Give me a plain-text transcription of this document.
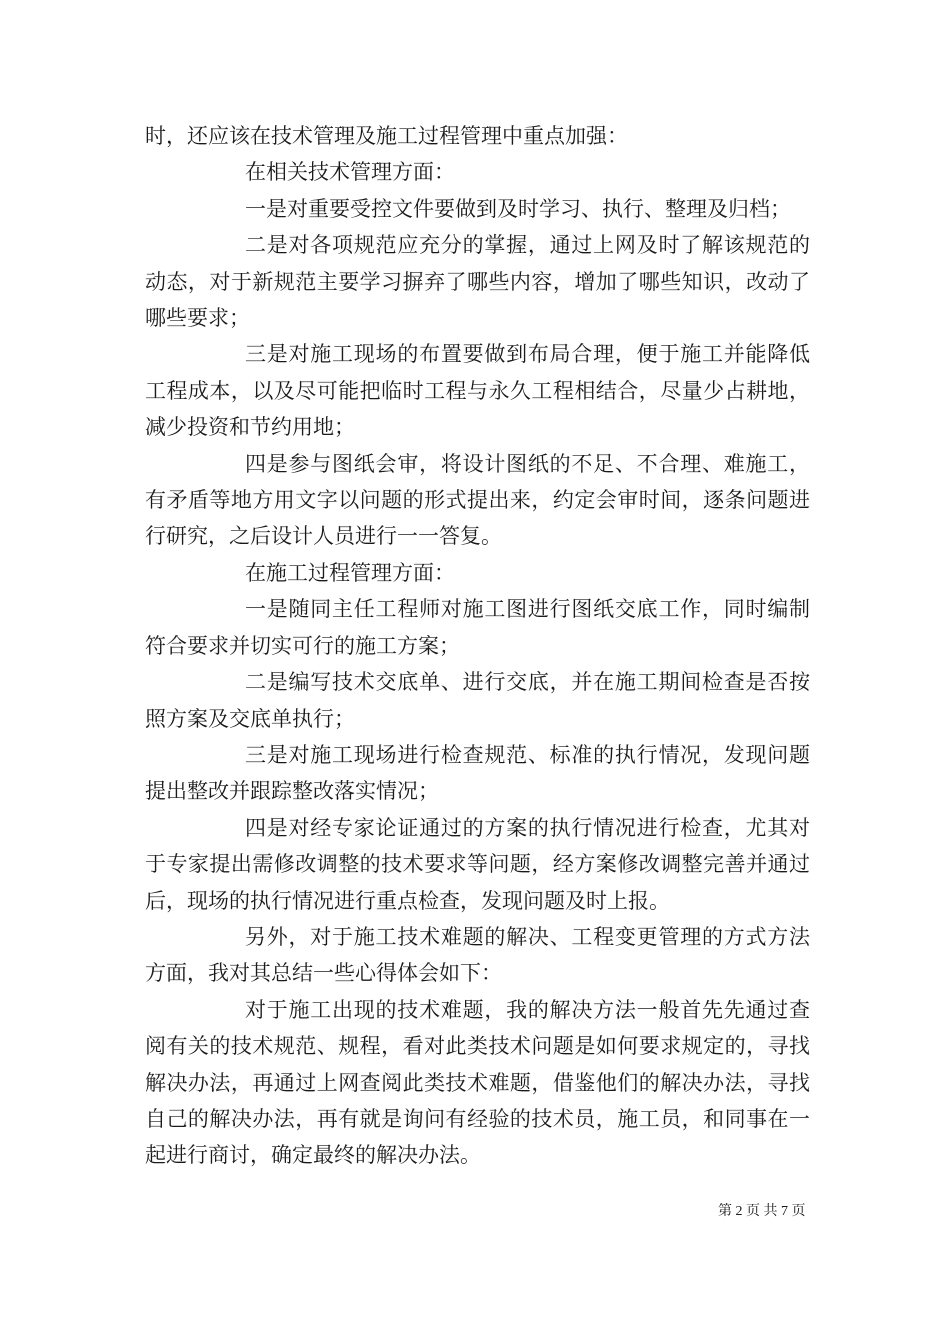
时，还应该在技术管理及施工过程管理中重点加强：

在相关技术管理方面：

一是对重要受控文件要做到及时学习、执行、整理及归档；

二是对各项规范应充分的掌握，通过上网及时了解该规范的动态，对于新规范主要学习摒弃了哪些内容，增加了哪些知识，改动了哪些要求；

三是对施工现场的布置要做到布局合理，便于施工并能降低工程成本，以及尽可能把临时工程与永久工程相结合，尽量少占耕地，减少投资和节约用地；

四是参与图纸会审，将设计图纸的不足、不合理、难施工，有矛盾等地方用文字以问题的形式提出来，约定会审时间，逐条问题进行研究，之后设计人员进行一一答复。

在施工过程管理方面：

一是随同主任工程师对施工图进行图纸交底工作，同时编制符合要求并切实可行的施工方案；

二是编写技术交底单、进行交底，并在施工期间检查是否按照方案及交底单执行；

三是对施工现场进行检查规范、标准的执行情况，发现问题提出整改并跟踪整改落实情况；

四是对经专家论证通过的方案的执行情况进行检查，尤其对于专家提出需修改调整的技术要求等问题，经方案修改调整完善并通过后，现场的执行情况进行重点检查，发现问题及时上报。

另外，对于施工技术难题的解决、工程变更管理的方式方法方面，我对其总结一些心得体会如下：

对于施工出现的技术难题，我的解决方法一般首先先通过查阅有关的技术规范、规程，看对此类技术问题是如何要求规定的，寻找解决办法，再通过上网查阅此类技术难题，借鉴他们的解决办法，寻找自己的解决办法，再有就是询问有经验的技术员，施工员，和同事在一起进行商讨，确定最终的解决办法。

第 2 页 共 7 页
